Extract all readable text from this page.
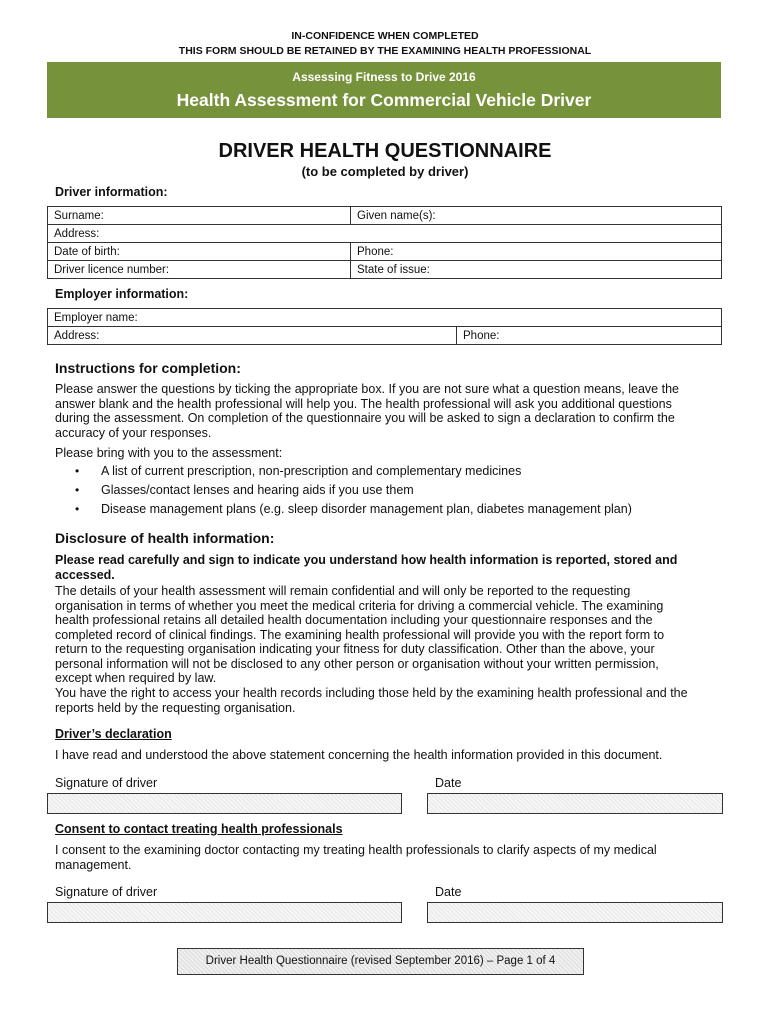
IN-CONFIDENCE WHEN COMPLETED
THIS FORM SHOULD BE RETAINED BY THE EXAMINING HEALTH PROFESSIONAL
Assessing Fitness to Drive 2016
Health Assessment for Commercial Vehicle Driver
DRIVER HEALTH QUESTIONNAIRE
(to be completed by driver)
Driver information:
Surname:	Given name(s):
Address:	
Date of birth:	Phone:
Driver licence number:	State of issue:
Employer information:
Employer name:
Address:	Phone:
Instructions for completion:
Please answer the questions by ticking the appropriate box. If you are not sure what a question means, leave the
answer blank and the health professional will help you. The health professional will ask you additional questions
during the assessment. On completion of the questionnaire you will be asked to sign a declaration to confirm the
accuracy of your responses.
Please bring with you to the assessment:
•	A list of current prescription, non-prescription and complementary medicines
•	Glasses/contact lenses and hearing aids if you use them
•	Disease management plans (e.g. sleep disorder management plan, diabetes management plan)
Disclosure of health information:
Please read carefully and sign to indicate you understand how health information is reported, stored and
accessed.
The details of your health assessment will remain confidential and will only be reported to the requesting
organisation in terms of whether you meet the medical criteria for driving a commercial vehicle. The examining
health professional retains all detailed health documentation including your questionnaire responses and the
completed record of clinical findings. The examining health professional will provide you with the report form to
return to the requesting organisation indicating your fitness for duty classification. Other than the above, your
personal information will not be disclosed to any other person or organisation without your written permission,
except when required by law.
You have the right to access your health records including those held by the examining health professional and the
reports held by the requesting organisation.
Driver’s declaration
I have read and understood the above statement concerning the health information provided in this document.
Signature of driver	Date
Consent to contact treating health professionals
I consent to the examining doctor contacting my treating health professionals to clarify aspects of my medical
management.
Signature of driver	Date
Driver Health Questionnaire (revised September 2016) – Page 1 of 4
